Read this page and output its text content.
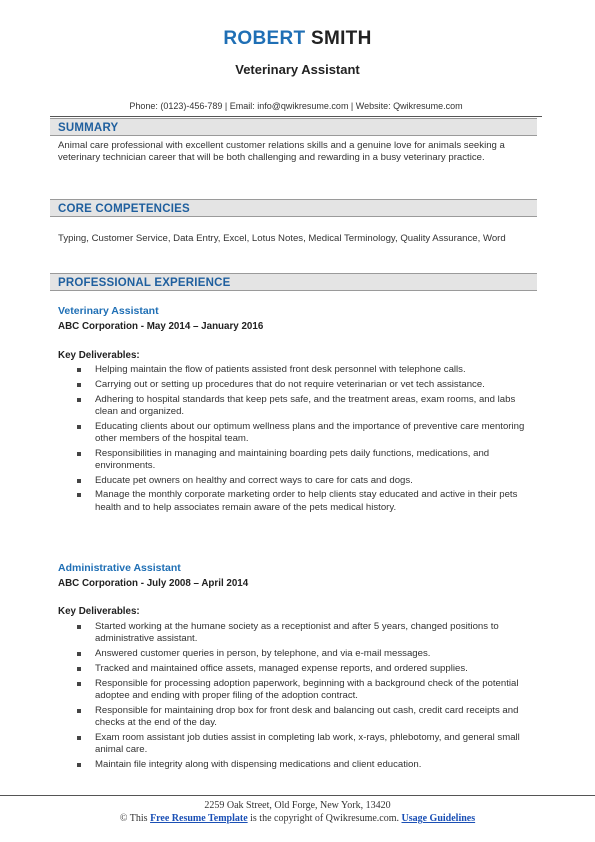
ROBERT SMITH
Veterinary Assistant
Phone: (0123)-456-789 | Email: info@qwikresume.com | Website: Qwikresume.com
SUMMARY
Animal care professional with excellent customer relations skills and a genuine love for animals seeking a veterinary technician career that will be both challenging and rewarding in a busy veterinary practice.
CORE COMPETENCIES
Typing, Customer Service, Data Entry, Excel, Lotus Notes, Medical Terminology, Quality Assurance, Word
PROFESSIONAL EXPERIENCE
Veterinary Assistant
ABC Corporation - May 2014 – January 2016
Key Deliverables:
Helping maintain the flow of patients assisted front desk personnel with telephone calls.
Carrying out or setting up procedures that do not require veterinarian or vet tech assistance.
Adhering to hospital standards that keep pets safe, and the treatment areas, exam rooms, and labs clean and organized.
Educating clients about our optimum wellness plans and the importance of preventive care mentoring other members of the hospital team.
Responsibilities in managing and maintaining boarding pets daily functions, medications, and environments.
Educate pet owners on healthy and correct ways to care for cats and dogs.
Manage the monthly corporate marketing order to help clients stay educated and active in their pets health and to help associates remain aware of the pets medical history.
Administrative Assistant
ABC Corporation - July 2008 – April 2014
Key Deliverables:
Started working at the humane society as a receptionist and after 5 years, changed positions to administrative assistant.
Answered customer queries in person, by telephone, and via e-mail messages.
Tracked and maintained office assets, managed expense reports, and ordered supplies.
Responsible for processing adoption paperwork, beginning with a background check of the potential adoptee and ending with proper filing of the adoption contract.
Responsible for maintaining drop box for front desk and balancing out cash, credit card receipts and checks at the end of the day.
Exam room assistant job duties assist in completing lab work, x-rays, phlebotomy, and general small animal care.
Maintain file integrity along with dispensing medications and client education.
2259 Oak Street, Old Forge, New York, 13420
© This Free Resume Template is the copyright of Qwikresume.com. Usage Guidelines
